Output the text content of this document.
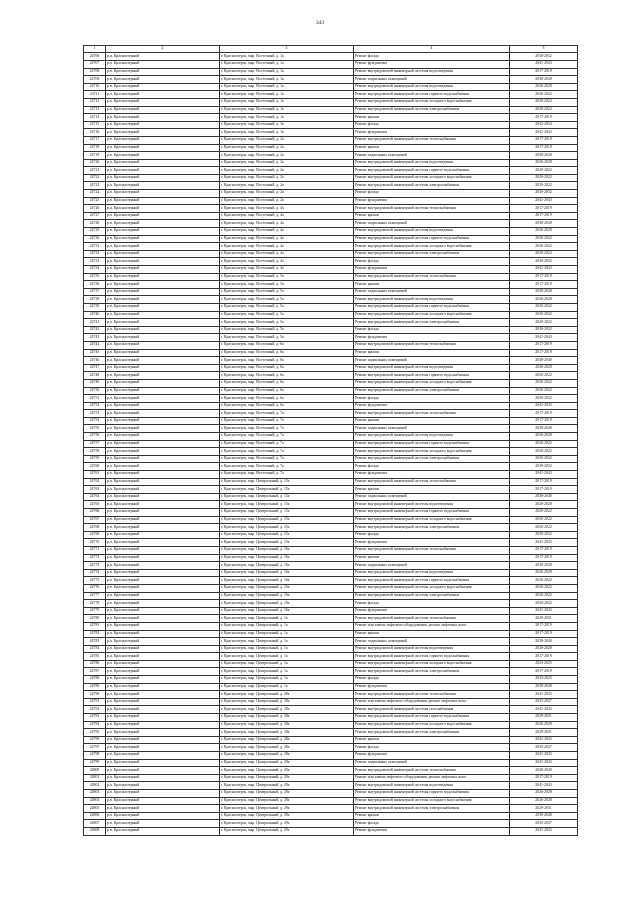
343
1	2	3	4	5
24706	р.п. Красноозерный	г. Красноозерск, мкр. Восточный, д. 1а	Ремонт фасада	2030-2032
24707	р.п. Красноозерный	г. Красноозерск, мкр. Восточный, д. 1а	Ремонт фундамента	2041-2043
24708	р.п. Красноозерный	г. Красноозерск, мкр. Восточный, д. 1а	Ремонт внутридомовой инженерной системы водоотведения	2017-2019
24709	р.п. Красноозерный	г. Красноозерск, мкр. Восточный, д. 1а	Ремонт подвальных помещений	2038-2040
24710	р.п. Красноозерный	г. Красноозерск, мкр. Восточный, д. 1а	Ремонт внутридомовой инженерной системы водоотведения	2026-2028
24711	р.п. Красноозерный	г. Красноозерск, мкр. Восточный, д. 1а	Ремонт внутридомовой инженерной системы горячего водоснабжения	2020-2022
24712	р.п. Красноозерный	г. Красноозерск, мкр. Восточный, д. 1а	Ремонт внутридомовой инженерной системы холодного водоснабжения	2020-2022
24713	р.п. Красноозерный	г. Красноозерск, мкр. Восточный, д. 1а	Ремонт внутридомовой инженерной системы электроснабжения	2020-2022
24714	р.п. Красноозерный	г. Красноозерск, мкр. Восточный, д. 1а	Ремонт крыши	2017-2019
24715	р.п. Красноозерный	г. Красноозерск, мкр. Восточный, д. 1а	Ремонт фасада	2032-2034
24716	р.п. Красноозерный	г. Красноозерск, мкр. Восточный, д. 1а	Ремонт фундамента	2041-2043
24717	р.п. Красноозерный	г. Красноозерск, мкр. Восточный, д. 2а	Ремонт внутридомовой инженерной системы теплоснабжения	2017-2019
24718	р.п. Красноозерный	г. Красноозерск, мкр. Восточный, д. 2а	Ремонт крыши	2017-2019
24719	р.п. Красноозерный	г. Красноозерск, мкр. Восточный, д. 2а	Ремонт подвальных помещений	2038-2040
24720	р.п. Красноозерный	г. Красноозерск, мкр. Восточный, д. 2а	Ремонт внутридомовой инженерной системы водоотведения	2026-2028
24721	р.п. Красноозерный	г. Красноозерск, мкр. Восточный, д. 2а	Ремонт внутридомовой инженерной системы горячего водоснабжения	2020-2022
24722	р.п. Красноозерный	г. Красноозерск, мкр. Восточный, д. 2а	Ремонт внутридомовой инженерной системы холодного водоснабжения	2020-2022
24723	р.п. Красноозерный	г. Красноозерск, мкр. Восточный, д. 2а	Ремонт внутридомовой инженерной системы электроснабжения	2020-2022
24724	р.п. Красноозерный	г. Красноозерск, мкр. Восточный, д. 2а	Ремонт фасада	2030-2032
24725	р.п. Красноозерный	г. Красноозерск, мкр. Восточный, д. 2а	Ремонт фундамента	2041-2043
24726	р.п. Красноозерный	г. Красноозерск, мкр. Восточный, д. 4а	Ремонт внутридомовой инженерной системы теплоснабжения	2017-2019
24727	р.п. Красноозерный	г. Красноозерск, мкр. Восточный, д. 4а	Ремонт крыши	2017-2019
24728	р.п. Красноозерный	г. Красноозерск, мкр. Восточный, д. 4а	Ремонт подвальных помещений	2038-2040
24729	р.п. Красноозерный	г. Красноозерск, мкр. Восточный, д. 4а	Ремонт внутридомовой инженерной системы водоотведения	2026-2028
24730	р.п. Красноозерный	г. Красноозерск, мкр. Восточный, д. 4а	Ремонт внутридомовой инженерной системы горячего водоснабжения	2020-2022
24731	р.п. Красноозерный	г. Красноозерск, мкр. Восточный, д. 4а	Ремонт внутридомовой инженерной системы холодного водоснабжения	2020-2022
24732	р.п. Красноозерный	г. Красноозерск, мкр. Восточный, д. 4а	Ремонт внутридомовой инженерной системы электроснабжения	2020-2022
24733	р.п. Красноозерный	г. Красноозерск, мкр. Восточный, д. 4а	Ремонт фасада	2030-2032
24734	р.п. Красноозерный	г. Красноозерск, мкр. Восточный, д. 4а	Ремонт фундамента	2041-2043
24735	р.п. Красноозерный	г. Красноозерск, мкр. Восточный, д. 5а	Ремонт внутридомовой инженерной системы теплоснабжения	2017-2019
24736	р.п. Красноозерный	г. Красноозерск, мкр. Восточный, д. 5а	Ремонт крыши	2017-2019
24737	р.п. Красноозерный	г. Красноозерск, мкр. Восточный, д. 5а	Ремонт подвальных помещений	2038-2040
24738	р.п. Красноозерный	г. Красноозерск, мкр. Восточный, д. 5а	Ремонт внутридомовой инженерной системы водоотведения	2026-2028
24739	р.п. Красноозерный	г. Красноозерск, мкр. Восточный, д. 5а	Ремонт внутридомовой инженерной системы горячего водоснабжения	2020-2022
24740	р.п. Красноозерный	г. Красноозерск, мкр. Восточный, д. 5а	Ремонт внутридомовой инженерной системы холодного водоснабжения	2020-2022
24741	р.п. Красноозерный	г. Красноозерск, мкр. Восточный, д. 5а	Ремонт внутридомовой инженерной системы электроснабжения	2020-2022
24742	р.п. Красноозерный	г. Красноозерск, мкр. Восточный, д. 5а	Ремонт фасада	2030-2032
24743	р.п. Красноозерный	г. Красноозерск, мкр. Восточный, д. 5а	Ремонт фундамента	2041-2043
24744	р.п. Красноозерный	г. Красноозерск, мкр. Восточный, д. 6а	Ремонт внутридомовой инженерной системы теплоснабжения	2017-2019
24745	р.п. Красноозерный	г. Красноозерск, мкр. Восточный, д. 6а	Ремонт крыши	2017-2019
24746	р.п. Красноозерный	г. Красноозерск, мкр. Восточный, д. 6а	Ремонт подвальных помещений	2038-2040
24747	р.п. Красноозерный	г. Красноозерск, мкр. Восточный, д. 6а	Ремонт внутридомовой инженерной системы водоотведения	2026-2028
24748	р.п. Красноозерный	г. Красноозерск, мкр. Восточный, д. 6а	Ремонт внутридомовой инженерной системы горячего водоснабжения	2020-2022
24749	р.п. Красноозерный	г. Красноозерск, мкр. Восточный, д. 6а	Ремонт внутридомовой инженерной системы холодного водоснабжения	2020-2022
24750	р.п. Красноозерный	г. Красноозерск, мкр. Восточный, д. 6а	Ремонт внутридомовой инженерной системы электроснабжения	2020-2022
24751	р.п. Красноозерный	г. Красноозерск, мкр. Восточный, д. 6а	Ремонт фасада	2030-2032
24752	р.п. Красноозерный	г. Красноозерск, мкр. Восточный, д. 6а	Ремонт фундамента	2041-2043
24753	р.п. Красноозерный	г. Красноозерск, мкр. Восточный, д. 7а	Ремонт внутридомовой инженерной системы теплоснабжения	2017-2019
24754	р.п. Красноозерный	г. Красноозерск, мкр. Восточный, д. 7а	Ремонт крыши	2017-2019
24755	р.п. Красноозерный	г. Красноозерск, мкр. Восточный, д. 7а	Ремонт подвальных помещений	2038-2040
24756	р.п. Красноозерный	г. Красноозерск, мкр. Восточный, д. 7а	Ремонт внутридомовой инженерной системы водоотведения	2026-2028
24757	р.п. Красноозерный	г. Красноозерск, мкр. Восточный, д. 7а	Ремонт внутридомовой инженерной системы горячего водоснабжения	2020-2022
24758	р.п. Красноозерный	г. Красноозерск, мкр. Восточный, д. 7а	Ремонт внутридомовой инженерной системы холодного водоснабжения	2020-2022
24759	р.п. Красноозерный	г. Красноозерск, мкр. Восточный, д. 7а	Ремонт внутридомовой инженерной системы электроснабжения	2020-2022
24760	р.п. Красноозерный	г. Красноозерск, мкр. Восточный, д. 7а	Ремонт фасада	2030-2032
24761	р.п. Красноозерный	г. Красноозерск, мкр. Восточный, д. 7а	Ремонт фундамента	2041-2043
24762	р.п. Красноозерный	г. Красноозерск, мкр. Центральный, д. 15а	Ремонт внутридомовой инженерной системы теплоснабжения	2017-2019
24763	р.п. Красноозерный	г. Красноозерск, мкр. Центральный, д. 15а	Ремонт крыши	2017-2019
24764	р.п. Красноозерный	г. Красноозерск, мкр. Центральный, д. 15а	Ремонт подвальных помещений	2038-2040
24765	р.п. Красноозерный	г. Красноозерск, мкр. Центральный, д. 15а	Ремонт внутридомовой инженерной системы водоотведения	2026-2028
24766	р.п. Красноозерный	г. Красноозерск, мкр. Центральный, д. 15а	Ремонт внутридомовой инженерной системы горячего водоснабжения	2020-2022
24767	р.п. Красноозерный	г. Красноозерск, мкр. Центральный, д. 15а	Ремонт внутридомовой инженерной системы холодного водоснабжения	2020-2022
24768	р.п. Красноозерный	г. Красноозерск, мкр. Центральный, д. 15а	Ремонт внутридомовой инженерной системы электроснабжения	2020-2022
24769	р.п. Красноозерный	г. Красноозерск, мкр. Центральный, д. 15а	Ремонт фасада	2030-2032
24770	р.п. Красноозерный	г. Красноозерск, мкр. Центральный, д. 15а	Ремонт фундамента	2041-2043
24771	р.п. Красноозерный	г. Красноозерск, мкр. Центральный, д. 16а	Ремонт внутридомовой инженерной системы теплоснабжения	2017-2019
24772	р.п. Красноозерный	г. Красноозерск, мкр. Центральный, д. 16а	Ремонт крыши	2017-2019
24773	р.п. Красноозерный	г. Красноозерск, мкр. Центральный, д. 16а	Ремонт подвальных помещений	2038-2040
24774	р.п. Красноозерный	г. Красноозерск, мкр. Центральный, д. 16а	Ремонт внутридомовой инженерной системы водоотведения	2026-2028
24775	р.п. Красноозерный	г. Красноозерск, мкр. Центральный, д. 16а	Ремонт внутридомовой инженерной системы горячего водоснабжения	2020-2022
24776	р.п. Красноозерный	г. Красноозерск, мкр. Центральный, д. 16а	Ремонт внутридомовой инженерной системы холодного водоснабжения	2020-2022
24777	р.п. Красноозерный	г. Красноозерск, мкр. Центральный, д. 16а	Ремонт внутридомовой инженерной системы электроснабжения	2020-2022
24778	р.п. Красноозерный	г. Красноозерск, мкр. Центральный, д. 16а	Ремонт фасада	2030-2032
24779	р.п. Красноозерный	г. Красноозерск, мкр. Центральный, д. 16а	Ремонт фундамента	2041-2043
24780	р.п. Красноозерный	г. Красноозерск, мкр. Центральный, д. 1а	Ремонт внутридомовой инженерной системы теплоснабжения	2029-2031
24781	р.п. Красноозерный	г. Красноозерск, мкр. Центральный, д. 1а	Ремонт или замена лифтового оборудования, ремонт лифтовых шахт	2017-2019
24782	р.п. Красноозерный	г. Красноозерск, мкр. Центральный, д. 1а	Ремонт крыши	2017-2019
24783	р.п. Красноозерный	г. Красноозерск, мкр. Центральный, д. 1а	Ремонт подвальных помещений	2038-2040
24784	р.п. Красноозерный	г. Красноозерск, мкр. Центральный, д. 1а	Ремонт внутридомовой инженерной системы водоотведения	2026-2028
24785	р.п. Красноозерный	г. Красноозерск, мкр. Центральный, д. 1а	Ремонт внутридомовой инженерной системы горячего водоснабжения	2017-2019
24786	р.п. Красноозерный	г. Красноозерск, мкр. Центральный, д. 1а	Ремонт внутридомовой инженерной системы холодного водоснабжения	2023-2025
24787	р.п. Красноозерный	г. Красноозерск, мкр. Центральный, д. 1а	Ремонт внутридомовой инженерной системы электроснабжения	2017-2019
24788	р.п. Красноозерный	г. Красноозерск, мкр. Центральный, д. 1а	Ремонт фасада	2023-2025
24789	р.п. Красноозерный	г. Красноозерск, мкр. Центральный, д. 1а	Ремонт фундамента	2038-2040
24790	р.п. Красноозерный	г. Красноозерск, мкр. Центральный, д. 28а	Ремонт внутридомовой инженерной системы теплоснабжения	2041-2043
24791	р.п. Красноозерный	г. Красноозерск, мкр. Центральный, д. 28а	Ремонт или замена лифтового оборудования, ремонт лифтовых шахт	2035-2037
24792	р.п. Красноозерный	г. Красноозерск, мкр. Центральный, д. 28а	Ремонт внутридомовой инженерной системы газоснабжения	2041-2043
24793	р.п. Красноозерный	г. Красноозерск, мкр. Центральный, д. 28а	Ремонт внутридомовой инженерной системы горячего водоснабжения	2029-2031
24794	р.п. Красноозерный	г. Красноозерск, мкр. Центральный, д. 28а	Ремонт внутридомовой инженерной системы холодного водоснабжения	2026-2028
24795	р.п. Красноозерный	г. Красноозерск, мкр. Центральный, д. 28а	Ремонт внутридомовой инженерной системы электроснабжения	2029-2031
24796	р.п. Красноозерный	г. Красноозерск, мкр. Центральный, д. 28а	Ремонт крыши	2041-2043
24797	р.п. Красноозерный	г. Красноозерск, мкр. Центральный, д. 28а	Ремонт фасада	2035-2037
24798	р.п. Красноозерный	г. Красноозерск, мкр. Центральный, д. 28а	Ремонт фундамента	2041-2043
24799	р.п. Красноозерный	г. Красноозерск, мкр. Центральный, д. 29а	Ремонт подвальных помещений	2041-2043
24800	р.п. Красноозерный	г. Красноозерск, мкр. Центральный, д. 29а	Ремонт внутридомовой инженерной системы теплоснабжения	2038-2040
24801	р.п. Красноозерный	г. Красноозерск, мкр. Центральный, д. 29а	Ремонт или замена лифтового оборудования, ремонт лифтовых шахт	2017-2019
24802	р.п. Красноозерный	г. Красноозерск, мкр. Центральный, д. 29а	Ремонт внутридомовой инженерной системы водоотведения	2041-2043
24803	р.п. Красноозерный	г. Красноозерск, мкр. Центральный, д. 29а	Ремонт внутридомовой инженерной системы горячего водоснабжения	2026-2028
24804	р.п. Красноозерный	г. Красноозерск, мкр. Центральный, д. 29а	Ремонт внутридомовой инженерной системы холодного водоснабжения	2026-2028
24805	р.п. Красноозерный	г. Красноозерск, мкр. Центральный, д. 29а	Ремонт внутридомовой инженерной системы электроснабжения	2029-2031
24806	р.п. Красноозерный	г. Красноозерск, мкр. Центральный, д. 29а	Ремонт крыши	2038-2040
24807	р.п. Красноозерный	г. Красноозерск, мкр. Центральный, д. 29а	Ремонт фасада	2035-2037
24808	р.п. Красноозерный	г. Красноозерск, мкр. Центральный, д. 29а	Ремонт фундамента	2041-2043
